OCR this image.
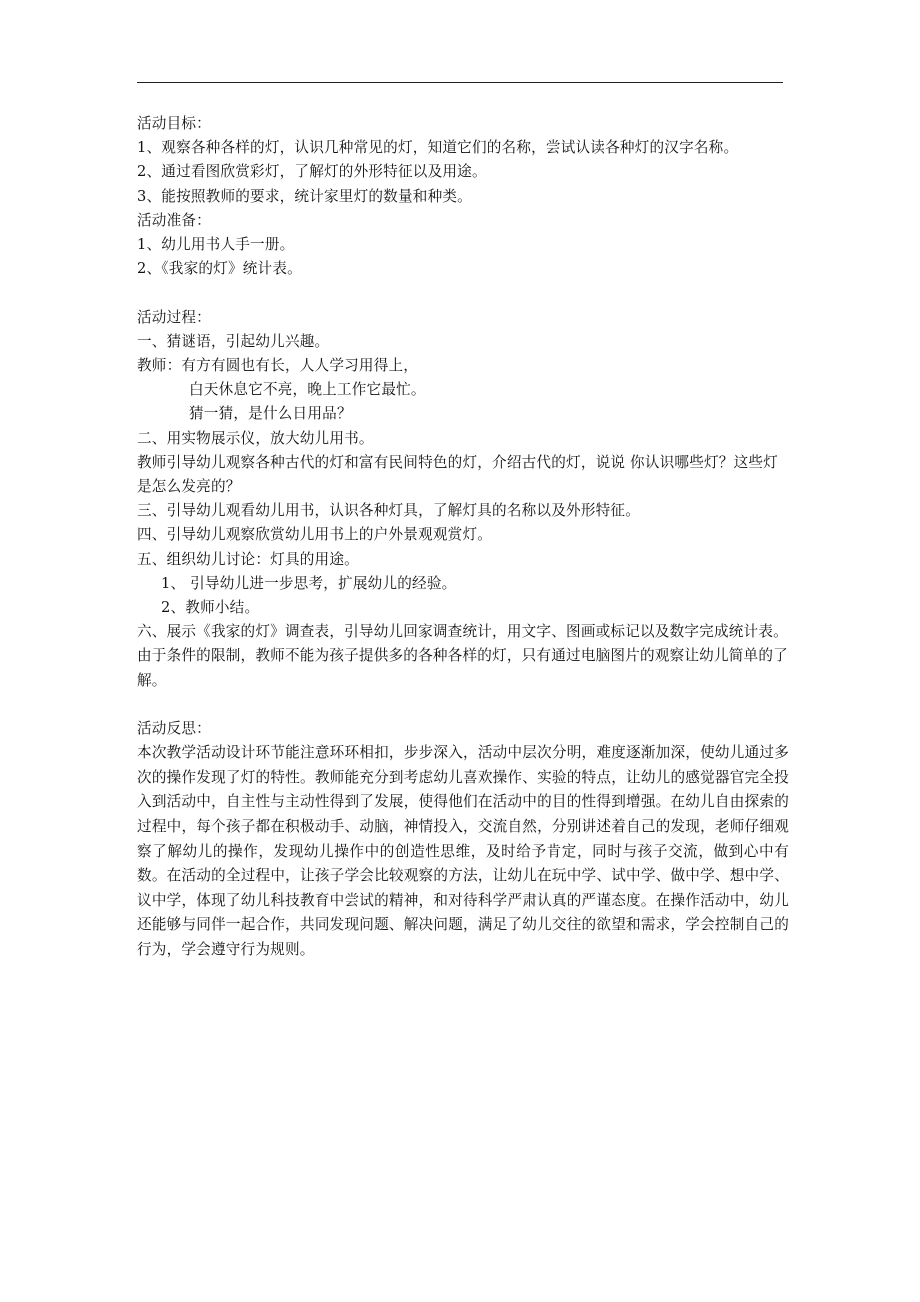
活动目标：

1、观察各种各样的灯，认识几种常见的灯，知道它们的名称，尝试认读各种灯的汉字名称。

2、通过看图欣赏彩灯，了解灯的外形特征以及用途。

3、能按照教师的要求，统计家里灯的数量和种类。

活动准备：

1、幼儿用书人手一册。

2、《我家的灯》统计表。

活动过程：

一、猜谜语，引起幼儿兴趣。

教师：有方有圆也有长，人人学习用得上，

白天休息它不亮，晚上工作它最忙。

猜一猜，是什么日用品？

二、用实物展示仪，放大幼儿用书。

教师引导幼儿观察各种古代的灯和富有民间特色的灯，介绍古代的灯，说说 你认识哪些灯？这些灯是怎么发亮的？

三、引导幼儿观看幼儿用书，认识各种灯具，了解灯具的名称以及外形特征。

四、引导幼儿观察欣赏幼儿用书上的户外景观观赏灯。

五、组织幼儿讨论：灯具的用途。

1、 引导幼儿进一步思考，扩展幼儿的经验。

2、教师小结。

六、展示《我家的灯》调查表，引导幼儿回家调查统计，用文字、图画或标记以及数字完成统计表。

由于条件的限制，教师不能为孩子提供多的各种各样的灯，只有通过电脑图片的观察让幼儿简单的了解。

活动反思：

本次教学活动设计环节能注意环环相扣，步步深入，活动中层次分明，难度逐渐加深，使幼儿通过多次的操作发现了灯的特性。教师能充分到考虑幼儿喜欢操作、实验的特点，让幼儿的感觉器官完全投入到活动中，自主性与主动性得到了发展，使得他们在活动中的目的性得到增强。在幼儿自由探索的过程中，每个孩子都在积极动手、动脑，神情投入，交流自然，分别讲述着自己的发现，老师仔细观察了解幼儿的操作，发现幼儿操作中的创造性思维，及时给予肯定，同时与孩子交流，做到心中有数。在活动的全过程中，让孩子学会比较观察的方法，让幼儿在玩中学、试中学、做中学、想中学、议中学，体现了幼儿科技教育中尝试的精神，和对待科学严肃认真的严谨态度。在操作活动中，幼儿还能够与同伴一起合作，共同发现问题、解决问题，满足了幼儿交往的欲望和需求，学会控制自己的行为，学会遵守行为规则。
